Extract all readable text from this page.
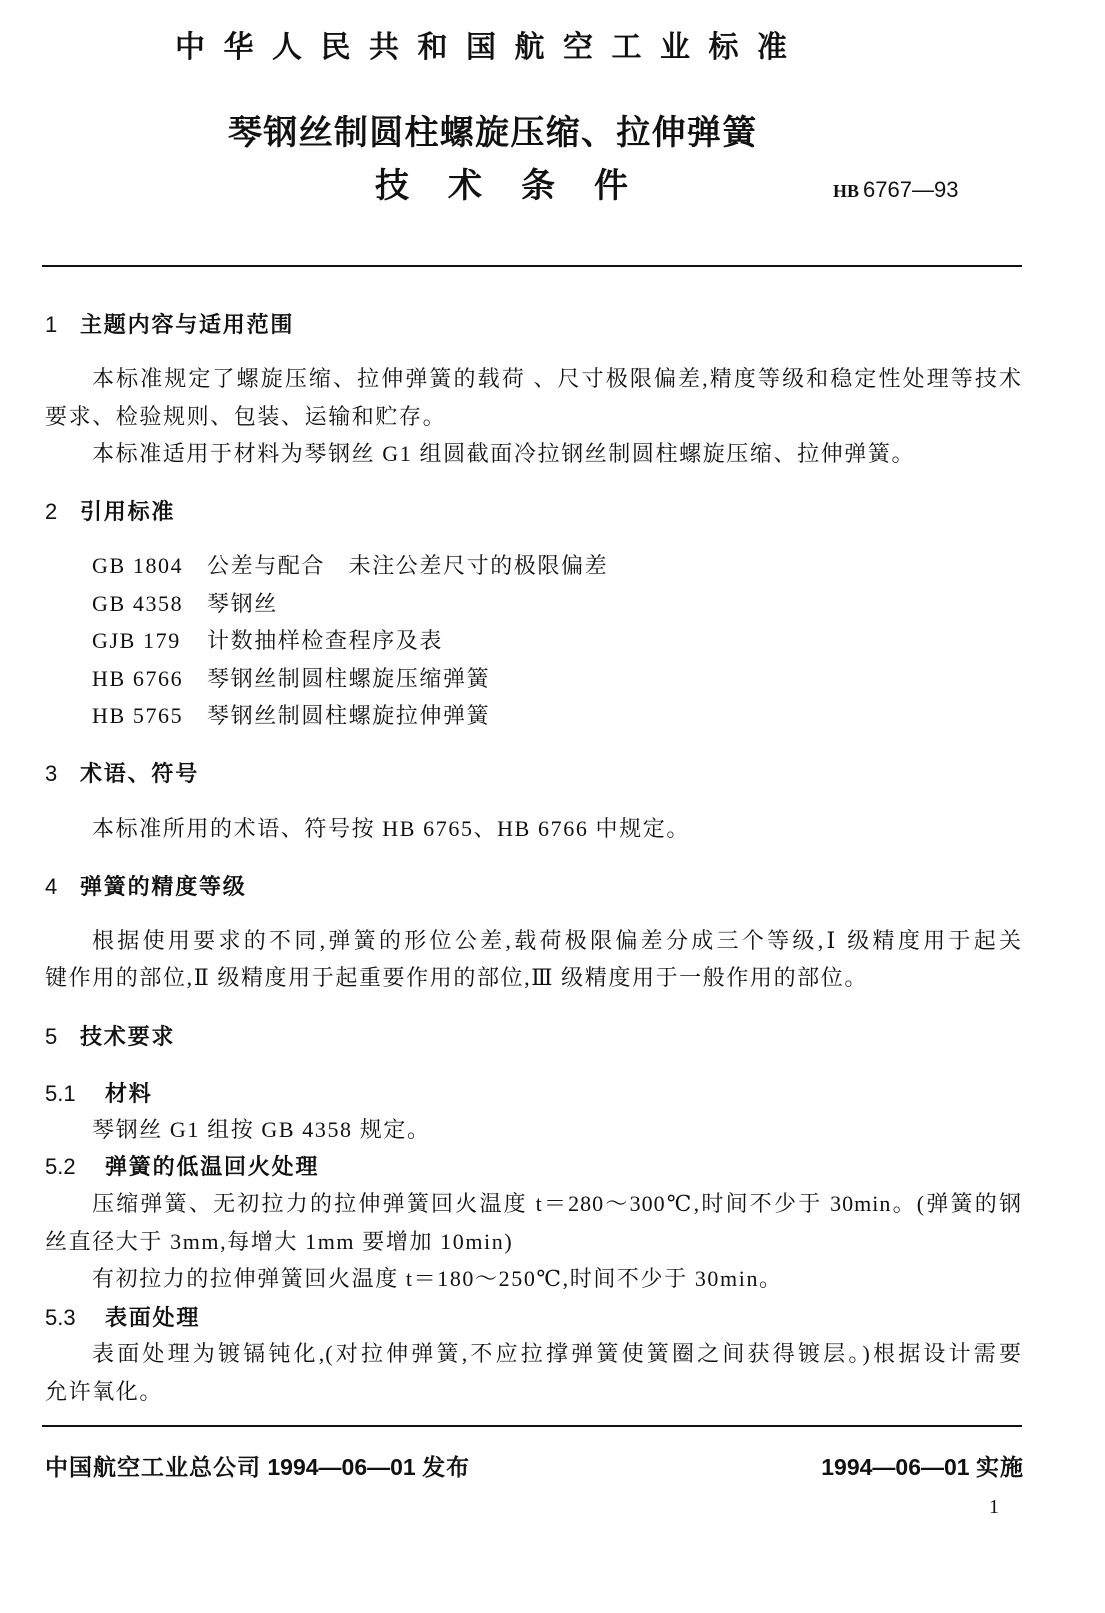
中华人民共和国航空工业标准
琴钢丝制圆柱螺旋压缩、拉伸弹簧
技术条件	HB 6767—93
1 主题内容与适用范围
本标准规定了螺旋压缩、拉伸弹簧的载荷 、尺寸极限偏差,精度等级和稳定性处理等技术
要求、检验规则、包装、运输和贮存。
本标准适用于材料为琴钢丝 G1 组圆截面冷拉钢丝制圆柱螺旋压缩、拉伸弹簧。
2 引用标准
GB 1804 公差与配合　未注公差尺寸的极限偏差
GB 4358 琴钢丝
GJB 179 计数抽样检查程序及表
HB 6766 琴钢丝制圆柱螺旋压缩弹簧
HB 5765 琴钢丝制圆柱螺旋拉伸弹簧
3 术语、符号
本标准所用的术语、符号按 HB 6765、HB 6766 中规定。
4 弹簧的精度等级
根据使用要求的不同,弹簧的形位公差,载荷极限偏差分成三个等级,Ⅰ 级精度用于起关
键作用的部位,Ⅱ 级精度用于起重要作用的部位,Ⅲ 级精度用于一般作用的部位。
5 技术要求
5.1 材料
琴钢丝 G1 组按 GB 4358 规定。
5.2 弹簧的低温回火处理
压缩弹簧、无初拉力的拉伸弹簧回火温度 t＝280～300℃,时间不少于 30min。(弹簧的钢
丝直径大于 3mm,每增大 1mm 要增加 10min)
有初拉力的拉伸弹簧回火温度 t＝180～250℃,时间不少于 30min。
5.3 表面处理
表面处理为镀镉钝化,(对拉伸弹簧,不应拉撑弹簧使簧圈之间获得镀层。)根据设计需要
允许氧化。
中国航空工业总公司 1994—06—01 发布	1994—06—01 实施
1
